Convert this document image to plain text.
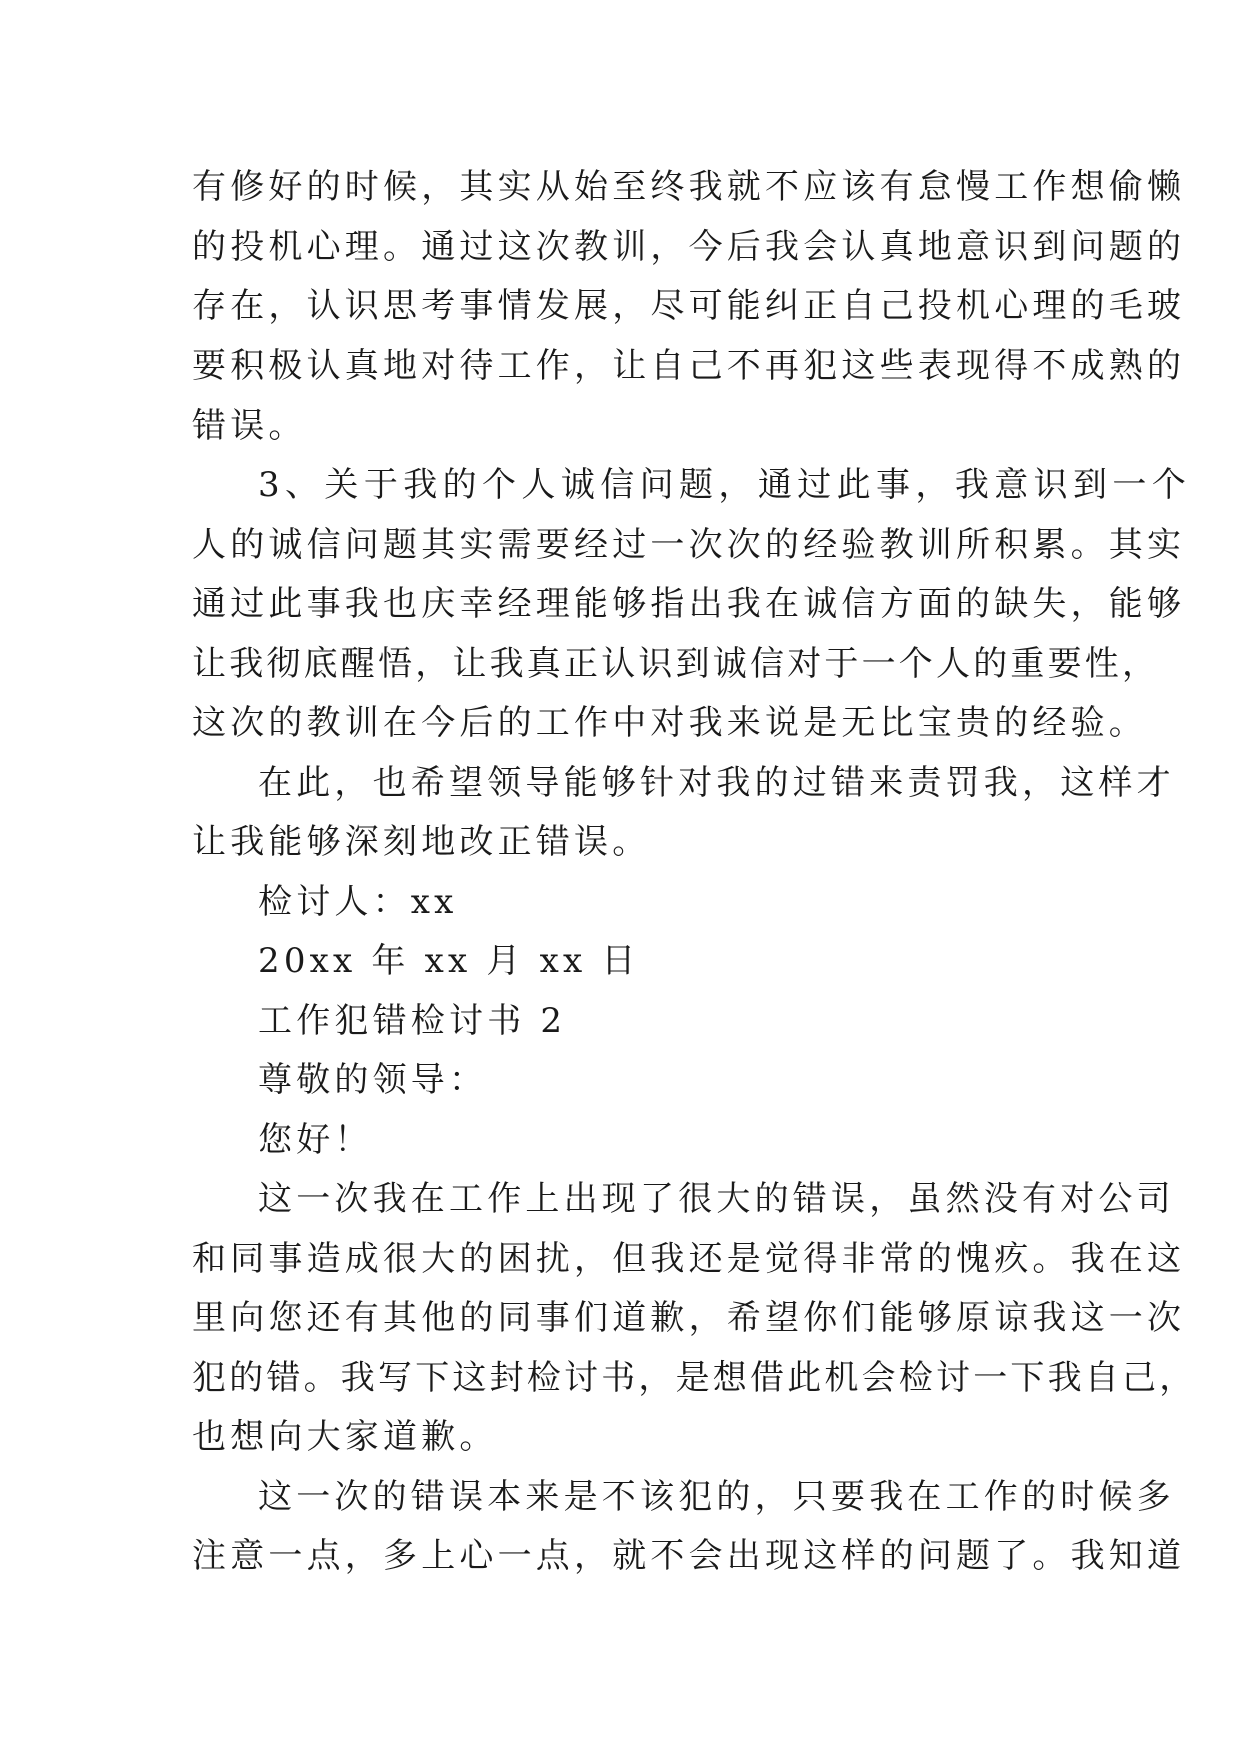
有修好的时候，其实从始至终我就不应该有怠慢工作想偷懒
的投机心理。通过这次教训，今后我会认真地意识到问题的
存在，认识思考事情发展，尽可能纠正自己投机心理的毛玻
要积极认真地对待工作，让自己不再犯这些表现得不成熟的
错误。
3、关于我的个人诚信问题，通过此事，我意识到一个
人的诚信问题其实需要经过一次次的经验教训所积累。其实
通过此事我也庆幸经理能够指出我在诚信方面的缺失，能够
让我彻底醒悟，让我真正认识到诚信对于一个人的重要性，
这次的教训在今后的工作中对我来说是无比宝贵的经验。
在此，也希望领导能够针对我的过错来责罚我，这样才
让我能够深刻地改正错误。
检讨人：xx
20xx 年 xx 月 xx 日
工作犯错检讨书 2
尊敬的领导：
您好！
这一次我在工作上出现了很大的错误，虽然没有对公司
和同事造成很大的困扰，但我还是觉得非常的愧疚。我在这
里向您还有其他的同事们道歉，希望你们能够原谅我这一次
犯的错。我写下这封检讨书，是想借此机会检讨一下我自己，
也想向大家道歉。
这一次的错误本来是不该犯的，只要我在工作的时候多
注意一点，多上心一点，就不会出现这样的问题了。我知道
